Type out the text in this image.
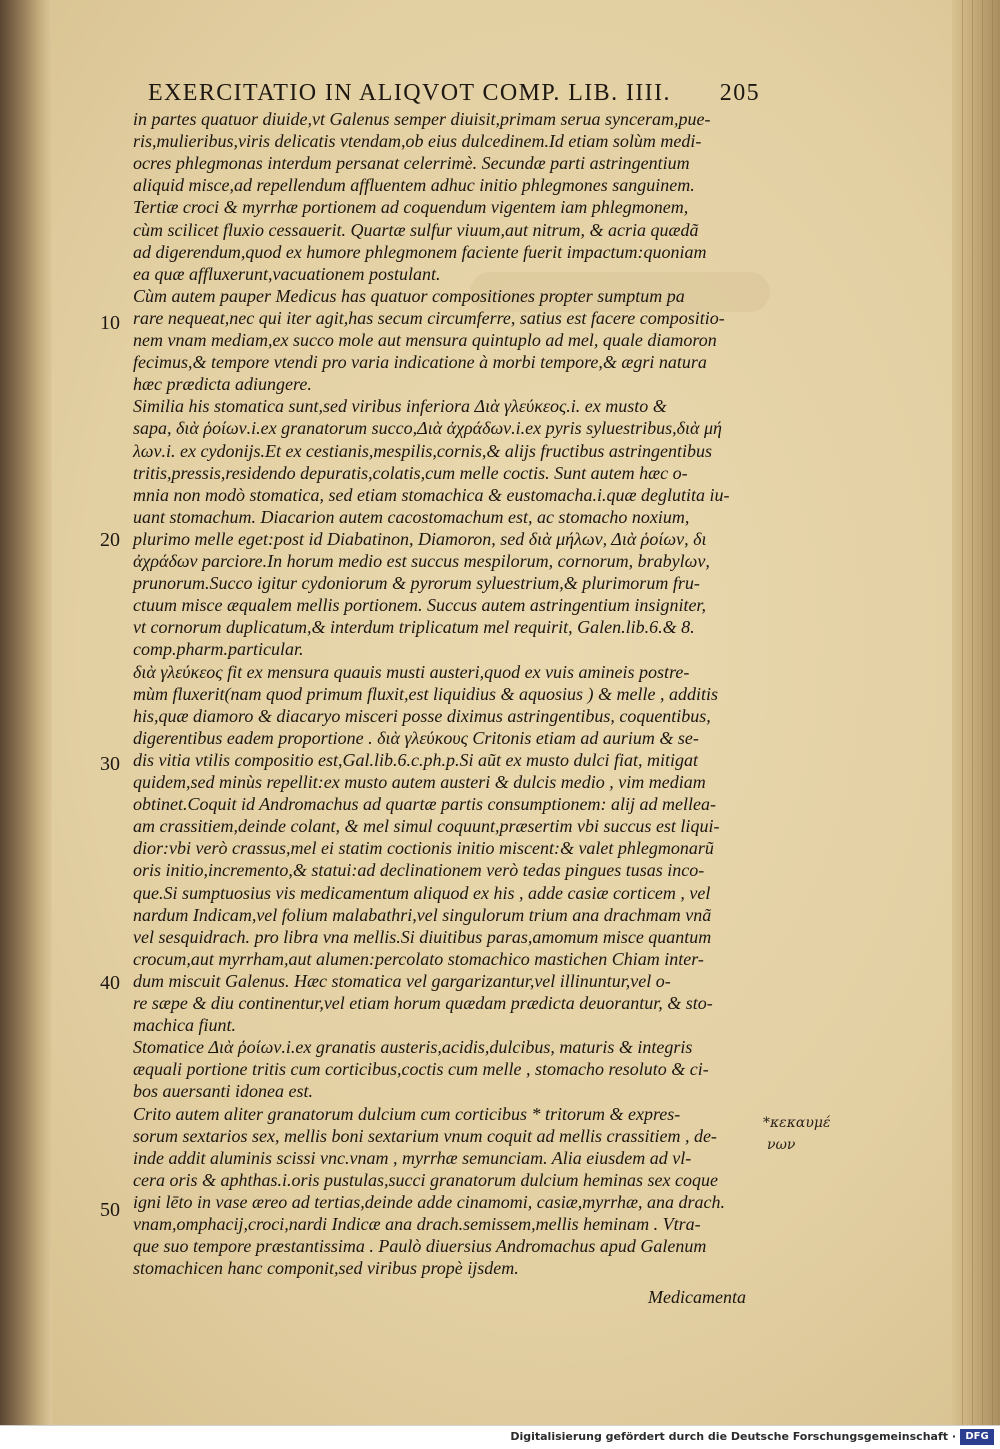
EXERCITATIO IN ALIQVOT COMP. LIB. IIII. 205
in partes quatuor diuide,vt Galenus semper diuisit,primam serua synceram,pue-
ris,mulieribus,viris delicatis vtendam,ob eius dulcedinem.Id etiam solùm medi-
ocres phlegmonas interdum persanat celerrimè. Secundæ parti astringentium
aliquid misce,ad repellendum affluentem adhuc initio phlegmones sanguinem.
Tertiæ croci & myrrhæ portionem ad coquendum vigentem iam phlegmonem,
cùm scilicet fluxio cessauerit. Quartæ sulfur viuum,aut nitrum, & acria quædã
ad digerendum,quod ex humore phlegmonem faciente fuerit impactum:quoniam
ea quæ affluxerunt,vacuationem postulant.
Cùm autem pauper Medicus has quatuor compositiones propter sumptum pa
rare nequeat,nec qui iter agit,has secum circumferre, satius est facere compositio-
nem vnam mediam,ex succo mole aut mensura quintuplo ad mel, quale diamoron
fecimus,& tempore vtendi pro varia indicatione à morbi tempore,& ægri natura
hæc prædicta adiungere.
Similia his stomatica sunt,sed viribus inferiora Διὰ γλεύκεος.i. ex musto &
sapa, διὰ ῥοίων.i.ex granatorum succo,Διὰ ἀχράδων.i.ex pyris syluestribus,διὰ μή
λων.i. ex cydonijs.Et ex cestianis,mespilis,cornis,& alijs fructibus astringentibus
tritis,pressis,residendo depuratis,colatis,cum melle coctis. Sunt autem hæc o-
mnia non modò stomatica, sed etiam stomachica & eustomacha.i.quæ deglutita iu-
uant stomachum. Diacarion autem cacostomachum est, ac stomacho noxium,
plurimo melle eget:post id Diabatinon, Diamoron, sed διὰ μήλων, Διὰ ῥοίων, δι
ἀχράδων parciore.In horum medio est succus mespilorum, cornorum, brabylων,
prunorum.Succo igitur cydoniorum & pyrorum syluestrium,& plurimorum fru-
ctuum misce æqualem mellis portionem. Succus autem astringentium insigniter,
vt cornorum duplicatum,& interdum triplicatum mel requirit, Galen.lib.6.& 8.
comp.pharm.particular.
διὰ γλεύκεος fit ex mensura quauis musti austeri,quod ex vuis amineis postre-
mùm fluxerit(nam quod primum fluxit,est liquidius & aquosius ) & melle , additis
his,quæ diamoro & diacaryo misceri posse diximus astringentibus, coquentibus,
digerentibus eadem proportione . διὰ γλεύκους Critonis etiam ad aurium & se-
dis vitia vtilis compositio est,Gal.lib.6.c.ph.p.Si aũt ex musto dulci fiat, mitigat
quidem,sed minùs repellit:ex musto autem austeri & dulcis medio , vim mediam
obtinet.Coquit id Andromachus ad quartæ partis consumptionem: alij ad mellea-
am crassitiem,deinde colant, & mel simul coquunt,præsertim vbi succus est liqui-
dior:vbi verò crassus,mel ei statim coctionis initio miscent:& valet phlegmonarũ
oris initio,incremento,& statui:ad declinationem verò tedas pingues tusas inco-
que.Si sumptuosius vis medicamentum aliquod ex his , adde casiæ corticem , vel
nardum Indicam,vel folium malabathri,vel singulorum trium ana drachmam vnã
vel sesquidrach. pro libra vna mellis.Si diuitibus paras,amomum misce quantum
crocum,aut myrrham,aut alumen:percolato stomachico mastichen Chiam inter-
dum miscuit Galenus. Hæc stomatica vel gargarizantur,vel illinuntur,vel o-
re sæpe & diu continentur,vel etiam horum quædam prædicta deuorantur, & sto-
machica fiunt.
Stomatice Διὰ ῥοίων.i.ex granatis austeris,acidis,dulcibus, maturis & integris
æquali portione tritis cum corticibus,coctis cum melle , stomacho resoluto & ci-
bos auersanti idonea est.
Crito autem aliter granatorum dulcium cum corticibus * tritorum & expres-
sorum sextarios sex, mellis boni sextarium vnum coquit ad mellis crassitiem , de-
inde addit aluminis scissi vnc.vnam , myrrhæ semunciam. Alia eiusdem ad vl-
cera oris & aphthas.i.oris pustulas,succi granatorum dulcium heminas sex coque
igni lēto in vase æreo ad tertias,deinde adde cinamomi, casiæ,myrrhæ, ana drach.
vnam,omphacij,croci,nardi Indicæ ana drach.semissem,mellis heminam . Vtra-
que suo tempore præstantissima . Paulò diuersius Andromachus apud Galenum
stomachicen hanc componit,sed viribus propè ijsdem.
10
20
30
40
50
*κεκαυμέ
νων
Medicamenta
Digitalisierung gefördert durch die Deutsche Forschungsgemeinschaft · DFG
